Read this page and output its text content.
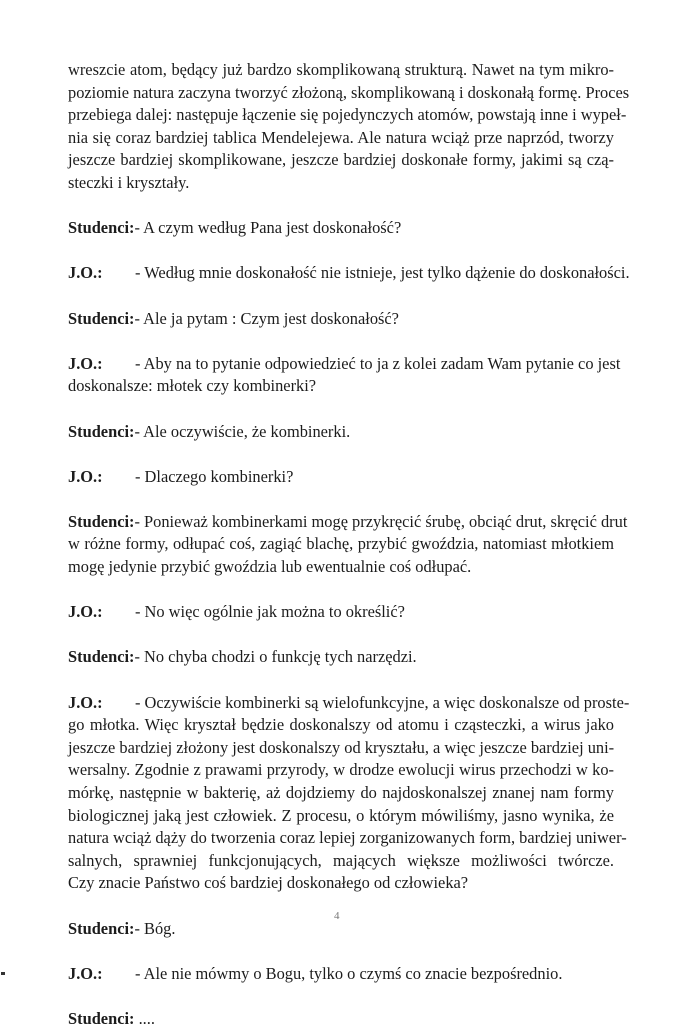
wreszcie atom, będący już bardzo skomplikowaną strukturą. Nawet na tym mikro-
poziomie natura zaczyna tworzyć złożoną, skomplikowaną i doskonałą formę. Proces
przebiega dalej: następuje łączenie się pojedynczych atomów, powstają inne i wypeł-
nia się coraz bardziej tablica Mendelejewa. Ale natura wciąż prze naprzód, tworzy
jeszcze bardziej skomplikowane, jeszcze bardziej doskonałe formy, jakimi są czą-
steczki i kryształy.
Studenci:- A czym według Pana jest doskonałość?
J.O.: - Według mnie doskonałość nie istnieje, jest tylko dążenie do doskonałości.
Studenci:- Ale ja pytam : Czym jest doskonałość?
J.O.: - Aby na to pytanie odpowiedzieć to ja z kolei zadam Wam pytanie co jest
doskonalsze: młotek czy kombinerki?
Studenci:- Ale oczywiście, że kombinerki.
J.O.: - Dlaczego kombinerki?
Studenci:- Ponieważ kombinerkami mogę przykręcić śrubę, obciąć drut, skręcić drut
w różne formy, odłupać coś, zagiąć blachę, przybić gwoździa, natomiast młotkiem
mogę jedynie przybić gwoździa lub ewentualnie coś odłupać.
J.O.: - No więc ogólnie jak można to określić?
Studenci:- No chyba chodzi o funkcję tych narzędzi.
J.O.: - Oczywiście kombinerki są wielofunkcyjne, a więc doskonalsze od proste-
go młotka. Więc kryształ będzie doskonalszy od atomu i cząsteczki, a wirus jako
jeszcze bardziej złożony jest doskonalszy od kryształu, a więc jeszcze bardziej uni-
wersalny. Zgodnie z prawami przyrody, w drodze ewolucji wirus przechodzi w ko-
mórkę, następnie w bakterię, aż dojdziemy do najdoskonalszej znanej nam formy
biologicznej jaką jest człowiek. Z procesu, o którym mówiliśmy, jasno wynika, że
natura wciąż dąży do tworzenia coraz lepiej zorganizowanych form, bardziej uniwer-
salnych, sprawniej funkcjonujących, mających większe możliwości twórcze.
Czy znacie Państwo coś bardziej doskonałego od człowieka?
Studenci:- Bóg.
J.O.: - Ale nie mówmy o Bogu, tylko o czymś co znacie bezpośrednio.
Studenci: ....
4
